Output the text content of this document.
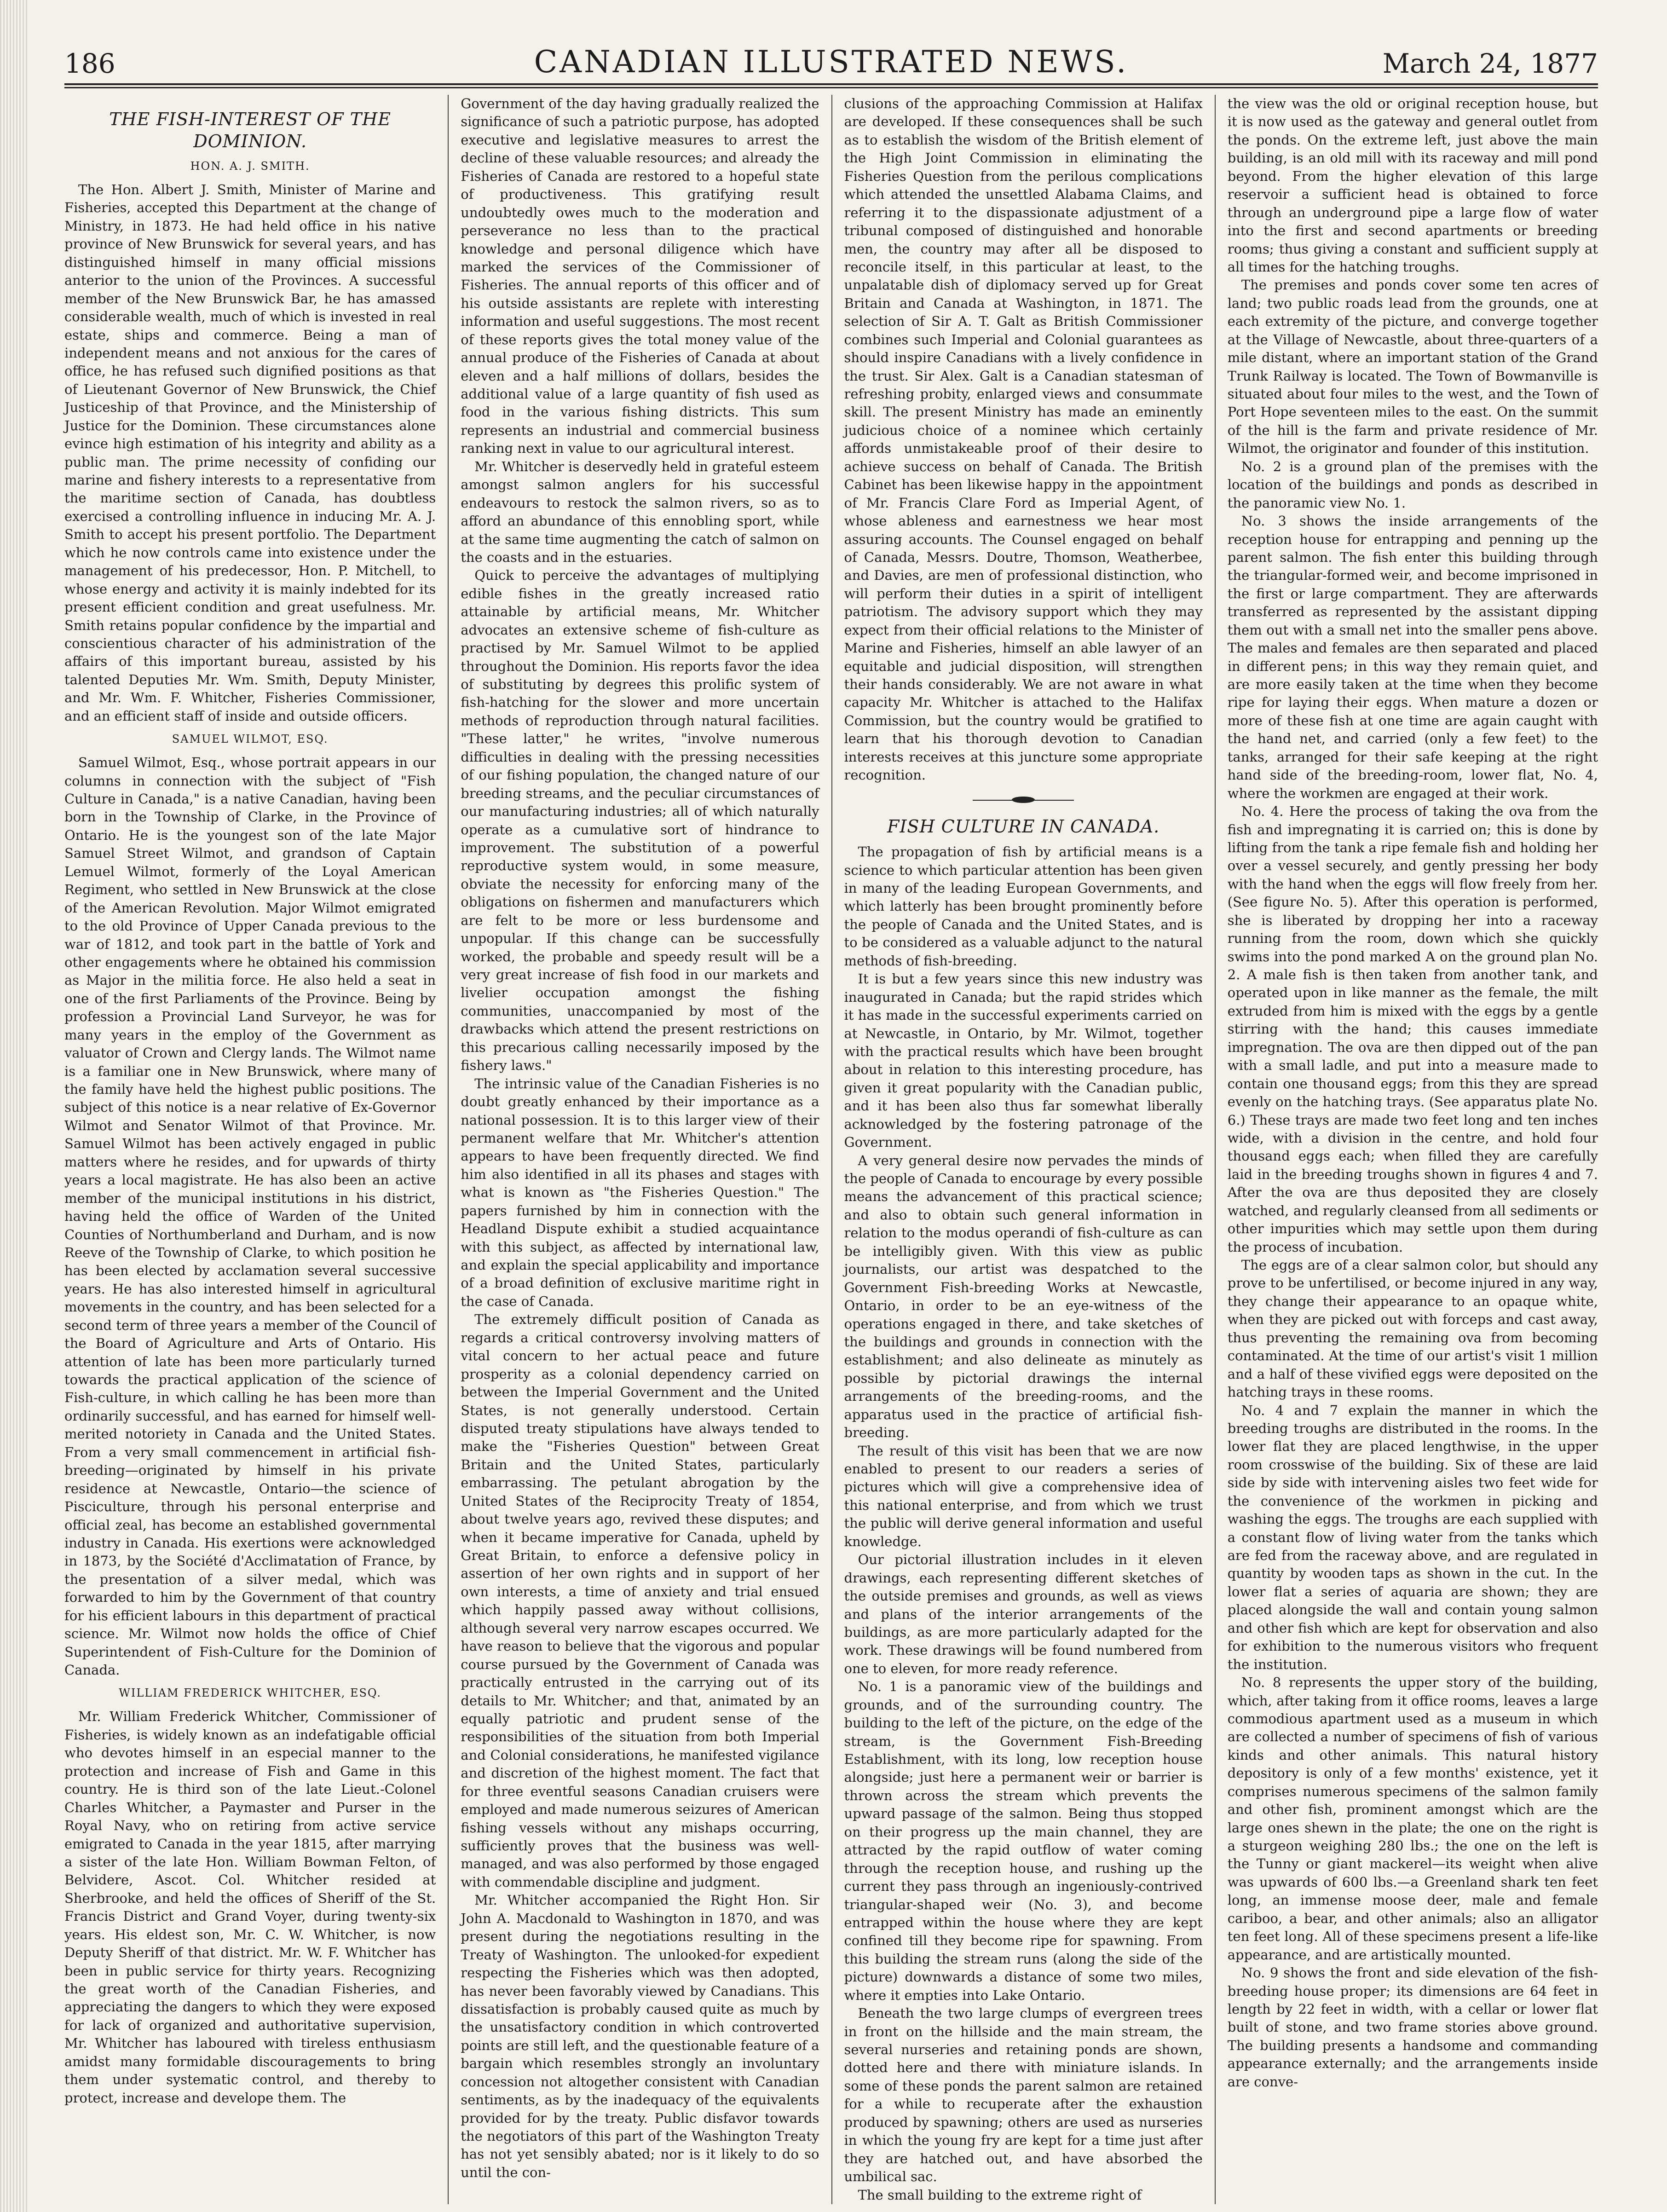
186	CANADIAN ILLUSTRATED NEWS.	March 24, 1877
THE FISH-INTEREST OF THE DOMINION.
HON. A. J. SMITH.

The Hon. Albert J. Smith, Minister of Marine and Fisheries, accepted this Department at the change of Ministry, in 1873. He had held office in his native province of New Brunswick for several years, and has distinguished himself in many official missions anterior to the union of the Provinces. A successful member of the New Brunswick Bar, he has amassed considerable wealth, much of which is invested in real estate, ships and commerce. Being a man of independent means and not anxious for the cares of office, he has refused such dignified positions as that of Lieutenant Governor of New Brunswick, the Chief Justiceship of that Province, and the Ministership of Justice for the Dominion. These circumstances alone evince high estimation of his integrity and ability as a public man. The prime necessity of confiding our marine and fishery interests to a representative from the maritime section of Canada, has doubtless exercised a controlling influence in inducing Mr. A. J. Smith to accept his present portfolio. The Department which he now controls came into existence under the management of his predecessor, Hon. P. Mitchell, to whose energy and activity it is mainly indebted for its present efficient condition and great usefulness. Mr. Smith retains popular confidence by the impartial and conscientious character of his administration of the affairs of this important bureau, assisted by his talented Deputies Mr. Wm. Smith, Deputy Minister, and Mr. Wm. F. Whitcher, Fisheries Commissioner, and an efficient staff of inside and outside officers.

SAMUEL WILMOT, ESQ.

Samuel Wilmot, Esq., whose portrait appears in our columns in connection with the subject of "Fish Culture in Canada," is a native Canadian, having been born in the Township of Clarke, in the Province of Ontario. He is the youngest son of the late Major Samuel Street Wilmot, and grandson of Captain Lemuel Wilmot, formerly of the Loyal American Regiment, who settled in New Brunswick at the close of the American Revolution. Major Wilmot emigrated to the old Province of Upper Canada previous to the war of 1812, and took part in the battle of York and other engagements where he obtained his commission as Major in the militia force. He also held a seat in one of the first Parliaments of the Province. Being by profession a Provincial Land Surveyor, he was for many years in the employ of the Government as valuator of Crown and Clergy lands. The Wilmot name is a familiar one in New Brunswick, where many of the family have held the highest public positions. The subject of this notice is a near relative of Ex-Governor Wilmot and Senator Wilmot of that Province. Mr. Samuel Wilmot has been actively engaged in public matters where he resides, and for upwards of thirty years a local magistrate. He has also been an active member of the municipal institutions in his district, having held the office of Warden of the United Counties of Northumberland and Durham, and is now Reeve of the Township of Clarke, to which position he has been elected by acclamation several successive years. He has also interested himself in agricultural movements in the country, and has been selected for a second term of three years a member of the Council of the Board of Agriculture and Arts of Ontario. His attention of late has been more particularly turned towards the practical application of the science of Fish-culture, in which calling he has been more than ordinarily successful, and has earned for himself well-merited notoriety in Canada and the United States. From a very small commencement in artificial fish-breeding—originated by himself in his private residence at Newcastle, Ontario—the science of Pisciculture, through his personal enterprise and official zeal, has become an established governmental industry in Canada. His exertions were acknowledged in 1873, by the Société d'Acclimatation of France, by the presentation of a silver medal, which was forwarded to him by the Government of that country for his efficient labours in this department of practical science. Mr. Wilmot now holds the office of Chief Superintendent of Fish-Culture for the Dominion of Canada.

WILLIAM FREDERICK WHITCHER, ESQ.

Mr. William Frederick Whitcher, Commissioner of Fisheries, is widely known as an indefatigable official who devotes himself in an especial manner to the protection and increase of Fish and Game in this country. He is third son of the late Lieut.-Colonel Charles Whitcher, a Paymaster and Purser in the Royal Navy, who on retiring from active service emigrated to Canada in the year 1815, after marrying a sister of the late Hon. William Bowman Felton, of Belvidere, Ascot. Col. Whitcher resided at Sherbrooke, and held the offices of Sheriff of the St. Francis District and Grand Voyer, during twenty-six years. His eldest son, Mr. C. W. Whitcher, is now Deputy Sheriff of that district. Mr. W. F. Whitcher has been in public service for thirty years. Recognizing the great worth of the Canadian Fisheries, and appreciating the dangers to which they were exposed for lack of organized and authoritative supervision, Mr. Whitcher has laboured with tireless enthusiasm amidst many formidable discouragements to bring them under systematic control, and thereby to protect, increase and develope them. The

Government of the day having gradually realized the significance of such a patriotic purpose, has adopted executive and legislative measures to arrest the decline of these valuable resources; and already the Fisheries of Canada are restored to a hopeful state of productiveness. This gratifying result undoubtedly owes much to the moderation and perseverance no less than to the practical knowledge and personal diligence which have marked the services of the Commissioner of Fisheries. The annual reports of this officer and of his outside assistants are replete with interesting information and useful suggestions. The most recent of these reports gives the total money value of the annual produce of the Fisheries of Canada at about eleven and a half millions of dollars, besides the additional value of a large quantity of fish used as food in the various fishing districts. This sum represents an industrial and commercial business ranking next in value to our agricultural interest.

Mr. Whitcher is deservedly held in grateful esteem amongst salmon anglers for his successful endeavours to restock the salmon rivers, so as to afford an abundance of this ennobling sport, while at the same time augmenting the catch of salmon on the coasts and in the estuaries.

Quick to perceive the advantages of multiplying edible fishes in the greatly increased ratio attainable by artificial means, Mr. Whitcher advocates an extensive scheme of fish-culture as practised by Mr. Samuel Wilmot to be applied throughout the Dominion. His reports favor the idea of substituting by degrees this prolific system of fish-hatching for the slower and more uncertain methods of reproduction through natural facilities. "These latter," he writes, "involve numerous difficulties in dealing with the pressing necessities of our fishing population, the changed nature of our breeding streams, and the peculiar circumstances of our manufacturing industries; all of which naturally operate as a cumulative sort of hindrance to improvement. The substitution of a powerful reproductive system would, in some measure, obviate the necessity for enforcing many of the obligations on fishermen and manufacturers which are felt to be more or less burdensome and unpopular. If this change can be successfully worked, the probable and speedy result will be a very great increase of fish food in our markets and livelier occupation amongst the fishing communities, unaccompanied by most of the drawbacks which attend the present restrictions on this precarious calling necessarily imposed by the fishery laws."

The intrinsic value of the Canadian Fisheries is no doubt greatly enhanced by their importance as a national possession. It is to this larger view of their permanent welfare that Mr. Whitcher's attention appears to have been frequently directed. We find him also identified in all its phases and stages with what is known as "the Fisheries Question." The papers furnished by him in connection with the Headland Dispute exhibit a studied acquaintance with this subject, as affected by international law, and explain the special applicability and importance of a broad definition of exclusive maritime right in the case of Canada.

The extremely difficult position of Canada as regards a critical controversy involving matters of vital concern to her actual peace and future prosperity as a colonial dependency carried on between the Imperial Government and the United States, is not generally understood. Certain disputed treaty stipulations have always tended to make the "Fisheries Question" between Great Britain and the United States, particularly embarrassing. The petulant abrogation by the United States of the Reciprocity Treaty of 1854, about twelve years ago, revived these disputes; and when it became imperative for Canada, upheld by Great Britain, to enforce a defensive policy in assertion of her own rights and in support of her own interests, a time of anxiety and trial ensued which happily passed away without collisions, although several very narrow escapes occurred. We have reason to believe that the vigorous and popular course pursued by the Government of Canada was practically entrusted in the carrying out of its details to Mr. Whitcher; and that, animated by an equally patriotic and prudent sense of the responsibilities of the situation from both Imperial and Colonial considerations, he manifested vigilance and discretion of the highest moment. The fact that for three eventful seasons Canadian cruisers were employed and made numerous seizures of American fishing vessels without any mishaps occurring, sufficiently proves that the business was well-managed, and was also performed by those engaged with commendable discipline and judgment.

Mr. Whitcher accompanied the Right Hon. Sir John A. Macdonald to Washington in 1870, and was present during the negotiations resulting in the Treaty of Washington. The unlooked-for expedient respecting the Fisheries which was then adopted, has never been favorably viewed by Canadians. This dissatisfaction is probably caused quite as much by the unsatisfactory condition in which controverted points are still left, and the questionable feature of a bargain which resembles strongly an involuntary concession not altogether consistent with Canadian sentiments, as by the inadequacy of the equivalents provided for by the treaty. Public disfavor towards the negotiators of this part of the Washington Treaty has not yet sensibly abated; nor is it likely to do so until the con-

clusions of the approaching Commission at Halifax are developed. If these consequences shall be such as to establish the wisdom of the British element of the High Joint Commission in eliminating the Fisheries Question from the perilous complications which attended the unsettled Alabama Claims, and referring it to the dispassionate adjustment of a tribunal composed of distinguished and honorable men, the country may after all be disposed to reconcile itself, in this particular at least, to the unpalatable dish of diplomacy served up for Great Britain and Canada at Washington, in 1871. The selection of Sir A. T. Galt as British Commissioner combines such Imperial and Colonial guarantees as should inspire Canadians with a lively confidence in the trust. Sir Alex. Galt is a Canadian statesman of refreshing probity, enlarged views and consummate skill. The present Ministry has made an eminently judicious choice of a nominee which certainly affords unmistakeable proof of their desire to achieve success on behalf of Canada. The British Cabinet has been likewise happy in the appointment of Mr. Francis Clare Ford as Imperial Agent, of whose ableness and earnestness we hear most assuring accounts. The Counsel engaged on behalf of Canada, Messrs. Doutre, Thomson, Weatherbee, and Davies, are men of professional distinction, who will perform their duties in a spirit of intelligent patriotism. The advisory support which they may expect from their official relations to the Minister of Marine and Fisheries, himself an able lawyer of an equitable and judicial disposition, will strengthen their hands considerably. We are not aware in what capacity Mr. Whitcher is attached to the Halifax Commission, but the country would be gratified to learn that his thorough devotion to Canadian interests receives at this juncture some appropriate recognition.

FISH CULTURE IN CANADA.

The propagation of fish by artificial means is a science to which particular attention has been given in many of the leading European Governments, and which latterly has been brought prominently before the people of Canada and the United States, and is to be considered as a valuable adjunct to the natural methods of fish-breeding.

It is but a few years since this new industry was inaugurated in Canada; but the rapid strides which it has made in the successful experiments carried on at Newcastle, in Ontario, by Mr. Wilmot, together with the practical results which have been brought about in relation to this interesting procedure, has given it great popularity with the Canadian public, and it has been also thus far somewhat liberally acknowledged by the fostering patronage of the Government.

A very general desire now pervades the minds of the people of Canada to encourage by every possible means the advancement of this practical science; and also to obtain such general information in relation to the modus operandi of fish-culture as can be intelligibly given. With this view as public journalists, our artist was despatched to the Government Fish-breeding Works at Newcastle, Ontario, in order to be an eye-witness of the operations engaged in there, and take sketches of the buildings and grounds in connection with the establishment; and also delineate as minutely as possible by pictorial drawings the internal arrangements of the breeding-rooms, and the apparatus used in the practice of artificial fish-breeding.

The result of this visit has been that we are now enabled to present to our readers a series of pictures which will give a comprehensive idea of this national enterprise, and from which we trust the public will derive general information and useful knowledge.

Our pictorial illustration includes in it eleven drawings, each representing different sketches of the outside premises and grounds, as well as views and plans of the interior arrangements of the buildings, as are more particularly adapted for the work. These drawings will be found numbered from one to eleven, for more ready reference.

No. 1 is a panoramic view of the buildings and grounds, and of the surrounding country. The building to the left of the picture, on the edge of the stream, is the Government Fish-Breeding Establishment, with its long, low reception house alongside; just here a permanent weir or barrier is thrown across the stream which prevents the upward passage of the salmon. Being thus stopped on their progress up the main channel, they are attracted by the rapid outflow of water coming through the reception house, and rushing up the current they pass through an ingeniously-contrived triangular-shaped weir (No. 3), and become entrapped within the house where they are kept confined till they become ripe for spawning. From this building the stream runs (along the side of the picture) downwards a distance of some two miles, where it empties into Lake Ontario.

Beneath the two large clumps of evergreen trees in front on the hillside and the main stream, the several nurseries and retaining ponds are shown, dotted here and there with miniature islands. In some of these ponds the parent salmon are retained for a while to recuperate after the exhaustion produced by spawning; others are used as nurseries in which the young fry are kept for a time just after they are hatched out, and have absorbed the umbilical sac.

The small building to the extreme right of

the view was the old or original reception house, but it is now used as the gateway and general outlet from the ponds. On the extreme left, just above the main building, is an old mill with its raceway and mill pond beyond. From the higher elevation of this large reservoir a sufficient head is obtained to force through an underground pipe a large flow of water into the first and second apartments or breeding rooms; thus giving a constant and sufficient supply at all times for the hatching troughs.

The premises and ponds cover some ten acres of land; two public roads lead from the grounds, one at each extremity of the picture, and converge together at the Village of Newcastle, about three-quarters of a mile distant, where an important station of the Grand Trunk Railway is located. The Town of Bowmanville is situated about four miles to the west, and the Town of Port Hope seventeen miles to the east. On the summit of the hill is the farm and private residence of Mr. Wilmot, the originator and founder of this institution.

No. 2 is a ground plan of the premises with the location of the buildings and ponds as described in the panoramic view No. 1.

No. 3 shows the inside arrangements of the reception house for entrapping and penning up the parent salmon. The fish enter this building through the triangular-formed weir, and become imprisoned in the first or large compartment. They are afterwards transferred as represented by the assistant dipping them out with a small net into the smaller pens above. The males and females are then separated and placed in different pens; in this way they remain quiet, and are more easily taken at the time when they become ripe for laying their eggs. When mature a dozen or more of these fish at one time are again caught with the hand net, and carried (only a few feet) to the tanks, arranged for their safe keeping at the right hand side of the breeding-room, lower flat, No. 4, where the workmen are engaged at their work.

No. 4. Here the process of taking the ova from the fish and impregnating it is carried on; this is done by lifting from the tank a ripe female fish and holding her over a vessel securely, and gently pressing her body with the hand when the eggs will flow freely from her. (See figure No. 5). After this operation is performed, she is liberated by dropping her into a raceway running from the room, down which she quickly swims into the pond marked A on the ground plan No. 2. A male fish is then taken from another tank, and operated upon in like manner as the female, the milt extruded from him is mixed with the eggs by a gentle stirring with the hand; this causes immediate impregnation. The ova are then dipped out of the pan with a small ladle, and put into a measure made to contain one thousand eggs; from this they are spread evenly on the hatching trays. (See apparatus plate No. 6.) These trays are made two feet long and ten inches wide, with a division in the centre, and hold four thousand eggs each; when filled they are carefully laid in the breeding troughs shown in figures 4 and 7. After the ova are thus deposited they are closely watched, and regularly cleansed from all sediments or other impurities which may settle upon them during the process of incubation.

The eggs are of a clear salmon color, but should any prove to be unfertilised, or become injured in any way, they change their appearance to an opaque white, when they are picked out with forceps and cast away, thus preventing the remaining ova from becoming contaminated. At the time of our artist's visit 1 million and a half of these vivified eggs were deposited on the hatching trays in these rooms.

No. 4 and 7 explain the manner in which the breeding troughs are distributed in the rooms. In the lower flat they are placed lengthwise, in the upper room crosswise of the building. Six of these are laid side by side with intervening aisles two feet wide for the convenience of the workmen in picking and washing the eggs. The troughs are each supplied with a constant flow of living water from the tanks which are fed from the raceway above, and are regulated in quantity by wooden taps as shown in the cut. In the lower flat a series of aquaria are shown; they are placed alongside the wall and contain young salmon and other fish which are kept for observation and also for exhibition to the numerous visitors who frequent the institution.

No. 8 represents the upper story of the building, which, after taking from it office rooms, leaves a large commodious apartment used as a museum in which are collected a number of specimens of fish of various kinds and other animals. This natural history depository is only of a few months' existence, yet it comprises numerous specimens of the salmon family and other fish, prominent amongst which are the large ones shewn in the plate; the one on the right is a sturgeon weighing 280 lbs.; the one on the left is the Tunny or giant mackerel—its weight when alive was upwards of 600 lbs.—a Greenland shark ten feet long, an immense moose deer, male and female cariboo, a bear, and other animals; also an alligator ten feet long. All of these specimens present a life-like appearance, and are artistically mounted.

No. 9 shows the front and side elevation of the fish-breeding house proper; its dimensions are 64 feet in length by 22 feet in width, with a cellar or lower flat built of stone, and two frame stories above ground. The building presents a handsome and commanding appearance externally; and the arrangements inside are conve-
